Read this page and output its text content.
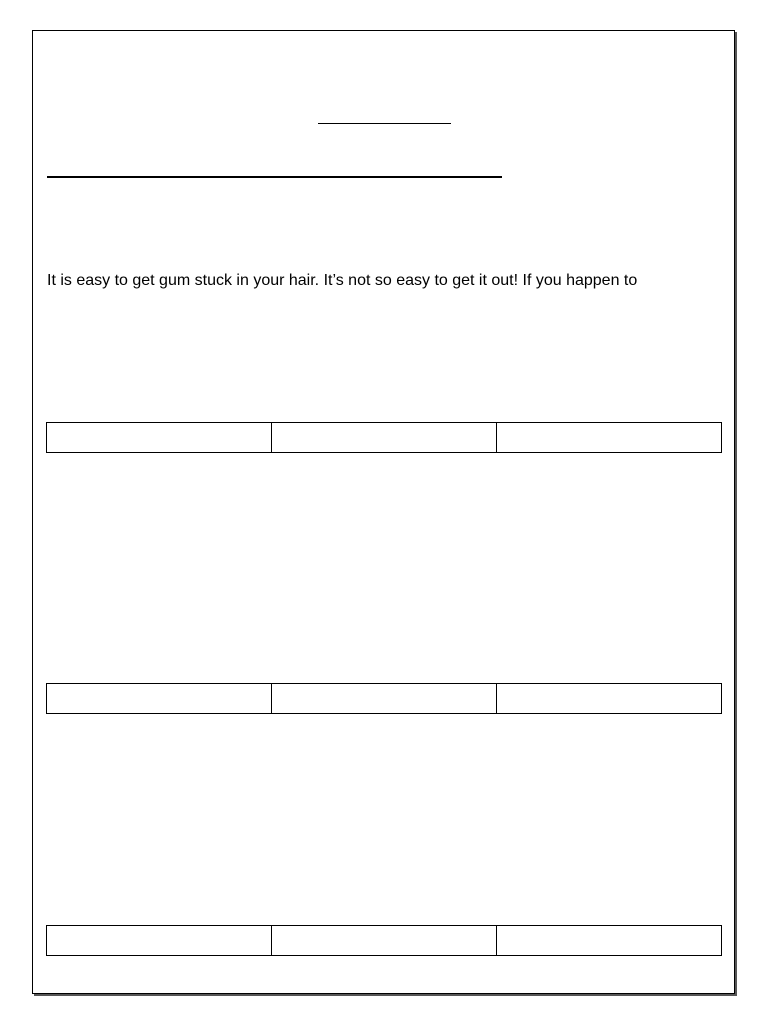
It is easy to get gum stuck in your hair. It’s not so easy to get it out! If you happen to
